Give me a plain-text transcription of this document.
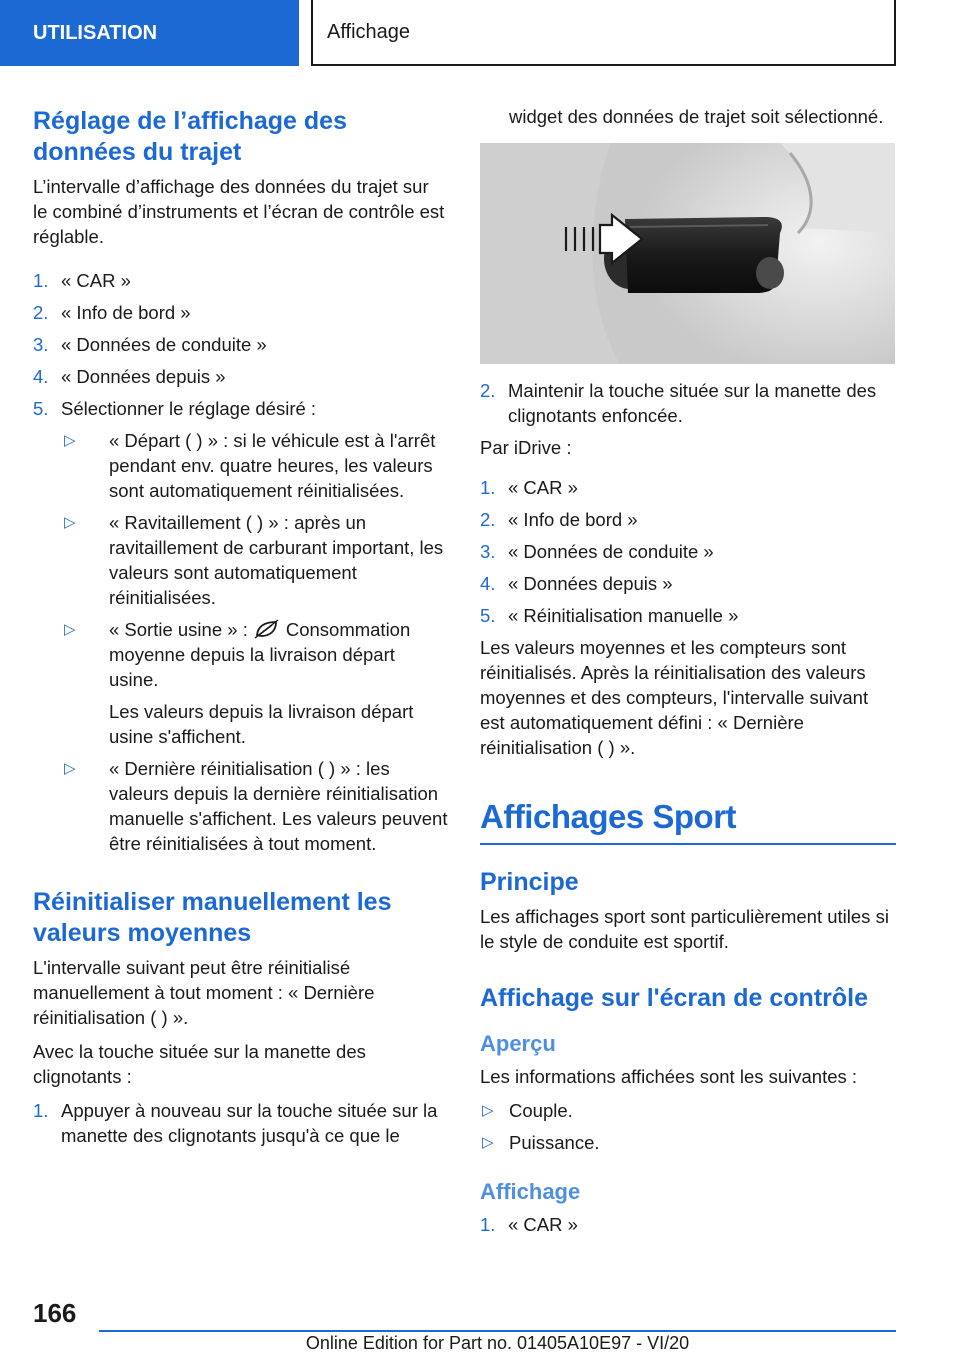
UTILISATION	Affichage
Réglage de l’affichage des données du trajet

L’intervalle d’affichage des données du trajet sur le combiné d’instruments et l’écran de contrôle est réglable.

1. « CAR »
2. « Info de bord »
3. « Données de conduite »
4. « Données depuis »
5. Sélectionner le réglage désiré :
▷ « Départ ( ) » : si le véhicule est à l'arrêt pendant env. quatre heures, les valeurs sont automatiquement réinitialisées.
▷ « Ravitaillement ( ) » : après un ravitaillement de carburant important, les valeurs sont automatiquement réinitialisées.
▷ « Sortie usine » : Consommation moyenne depuis la livraison départ usine.
Les valeurs depuis la livraison départ usine s'affichent.
▷ « Dernière réinitialisation ( ) » : les valeurs depuis la dernière réinitialisation manuelle s'affichent. Les valeurs peuvent être réinitialisées à tout moment.
Réinitialiser manuellement les valeurs moyennes

L'intervalle suivant peut être réinitialisé manuellement à tout moment : « Dernière réinitialisation ( ) ».

Avec la touche située sur la manette des clignotants :

1. Appuyer à nouveau sur la touche située sur la manette des clignotants jusqu'à ce que le

widget des données de trajet soit sélectionné.

2. Maintenir la touche située sur la manette des clignotants enfoncée.

Par iDrive :

1. « CAR »
2. « Info de bord »
3. « Données de conduite »
4. « Données depuis »
5. « Réinitialisation manuelle »

Les valeurs moyennes et les compteurs sont réinitialisés. Après la réinitialisation des valeurs moyennes et des compteurs, l'intervalle suivant est automatiquement défini : « Dernière réinitialisation ( ) ».

Affichages Sport
Principe

Les affichages sport sont particulièrement utiles si le style de conduite est sportif.

Affichage sur l'écran de contrôle
Aperçu

Les informations affichées sont les suivantes :

▷ Couple.
▷ Puissance.
Affichage
1. « CAR »
166
Online Edition for Part no. 01405A10E97 - VI/20
